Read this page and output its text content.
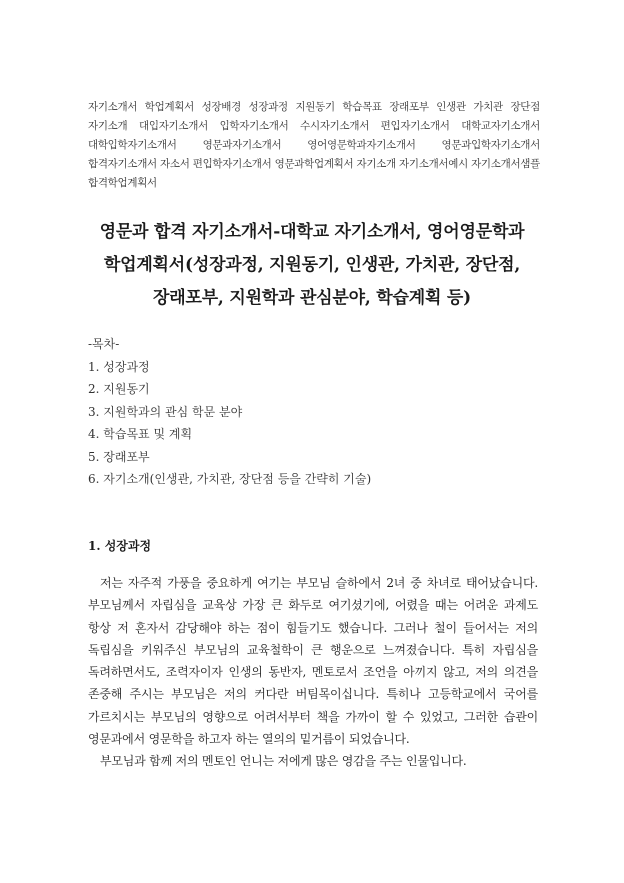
자기소개서 학업계획서 성장배경 성장과정 지원동기 학습목표 장래포부 인생관 가치관 장단점 자기소개 대입자기소개서 입학자기소개서 수시자기소개서 편입자기소개서 대학교자기소개서 대학입학자기소개서 영문과자기소개서 영어영문학과자기소개서 영문과입학자기소개서 합격자기소개서 자소서 편입학자기소개서 영문과학업계획서 자기소개 자기소개서예시 자기소개서샘플 합격학업계획서
영문과 합격 자기소개서-대학교 자기소개서, 영어영문학과 학업계획서(성장과정, 지원동기, 인생관, 가치관, 장단점, 장래포부, 지원학과 관심분야, 학습계획 등)
-목차-
1. 성장과정
2. 지원동기
3. 지원학과의 관심 학문 분야
4. 학습목표 및 계획
5. 장래포부
6. 자기소개(인생관, 가치관, 장단점 등을 간략히 기술)
1. 성장과정

저는 자주적 가풍을 중요하게 여기는 부모님 슬하에서 2녀 중 차녀로 태어났습니다. 부모님께서 자립심을 교육상 가장 큰 화두로 여기셨기에, 어렸을 때는 어려운 과제도 항상 저 혼자서 감당해야 하는 점이 힘들기도 했습니다. 그러나 철이 들어서는 저의 독립심을 키워주신 부모님의 교육철학이 큰 행운으로 느껴졌습니다. 특히 자립심을 독려하면서도, 조력자이자 인생의 동반자, 멘토로서 조언을 아끼지 않고, 저의 의견을 존중해 주시는 부모님은 저의 커다란 버팀목이십니다. 특히나 고등학교에서 국어를 가르치시는 부모님의 영향으로 어려서부터 책을 가까이 할 수 있었고, 그러한 습관이 영문과에서 영문학을 하고자 하는 열의의 밑거름이 되었습니다.

부모님과 함께 저의 멘토인 언니는 저에게 많은 영감을 주는 인물입니다.
